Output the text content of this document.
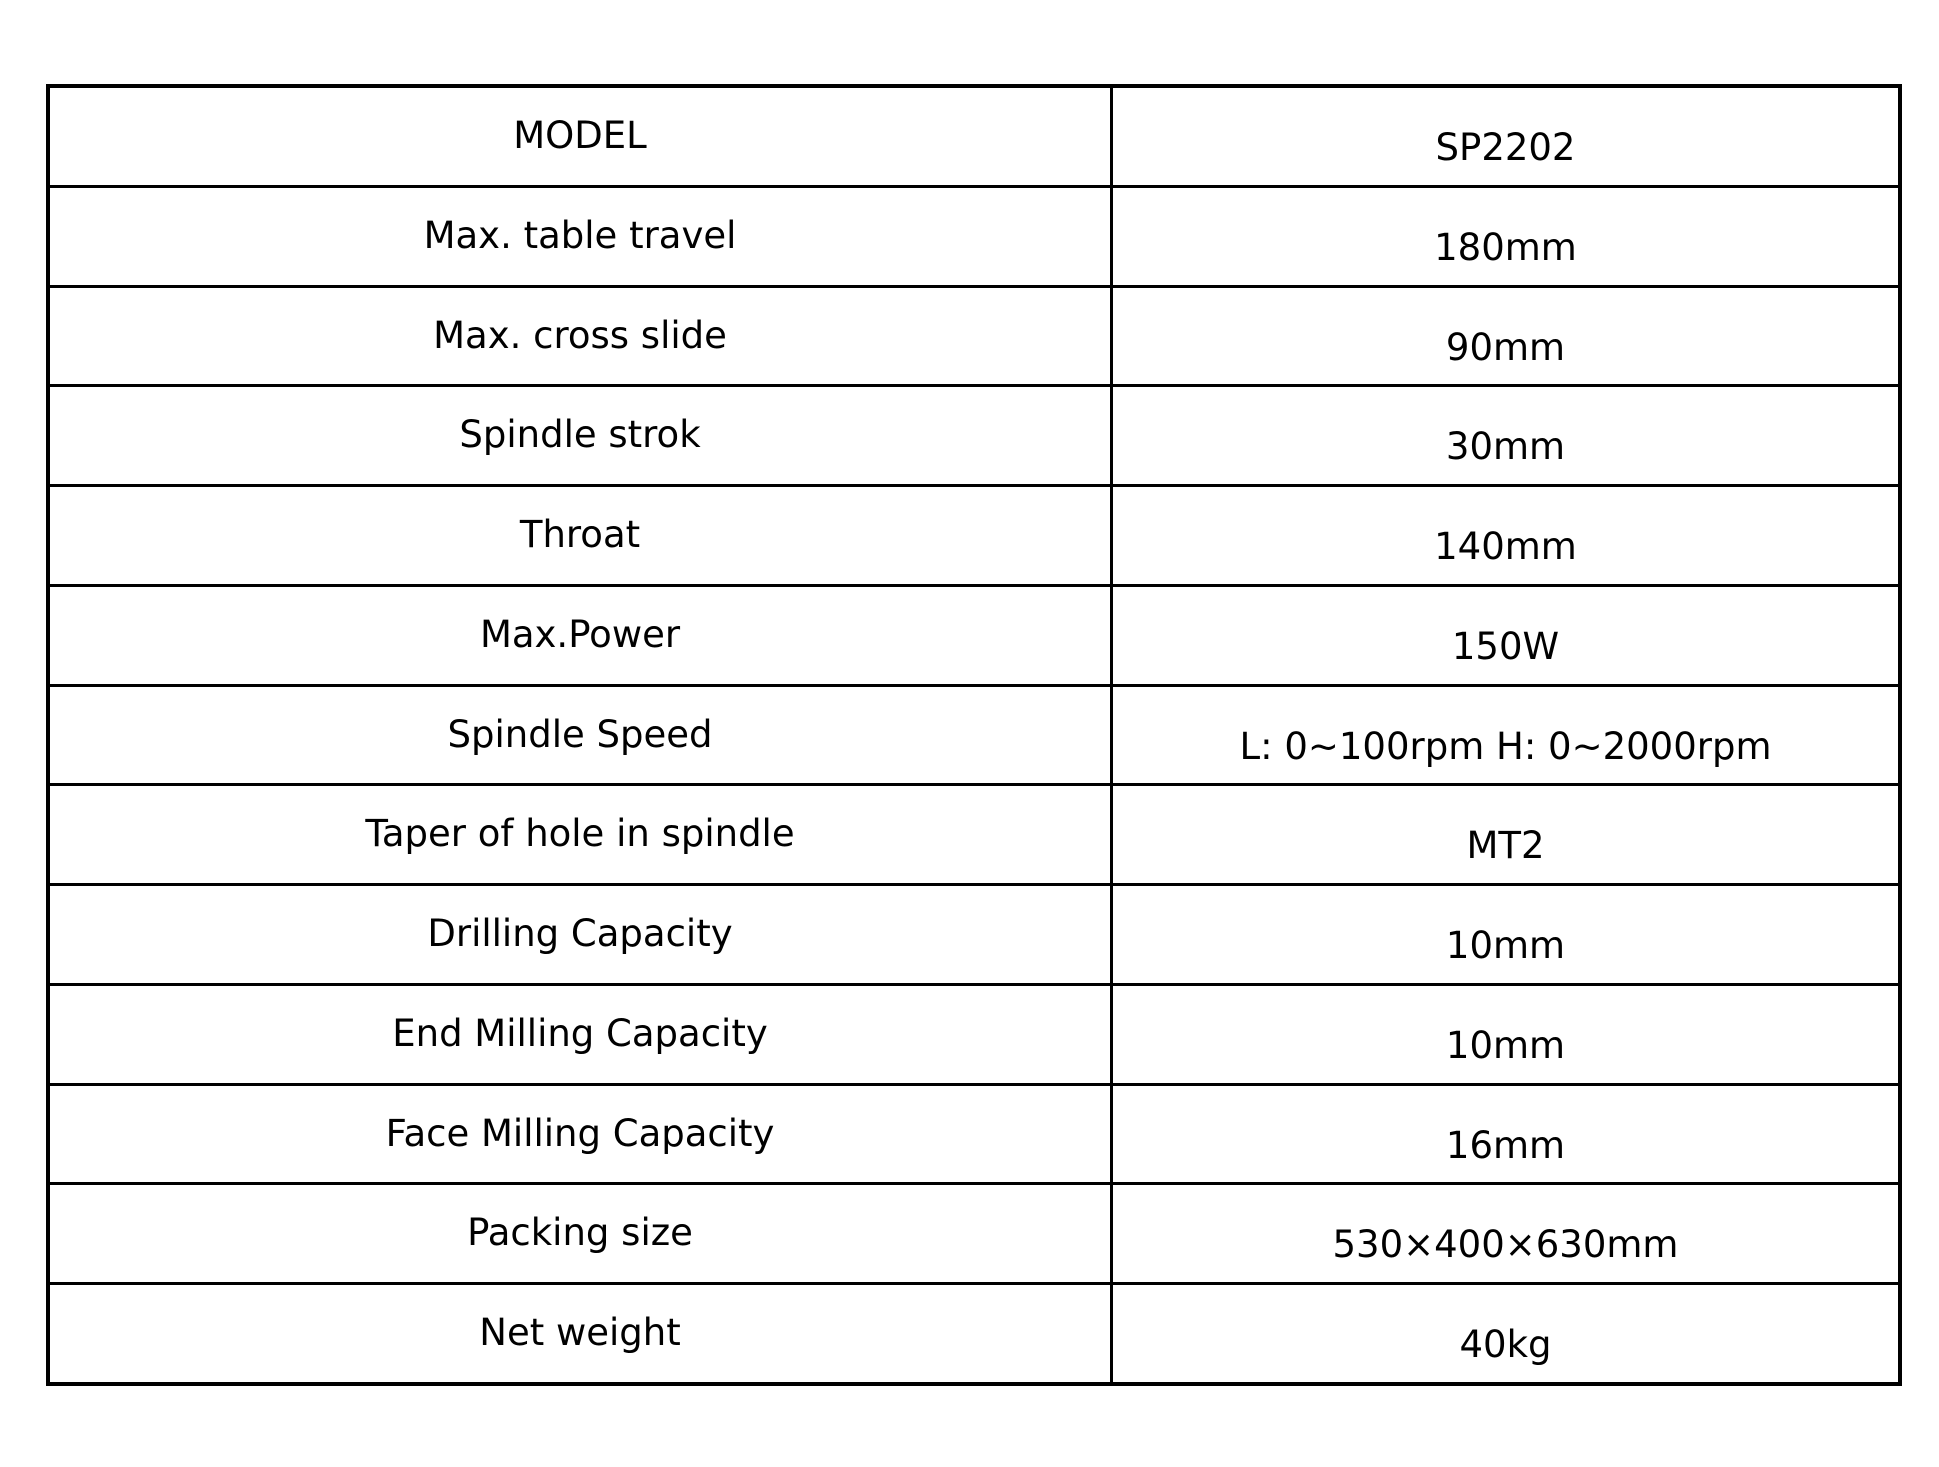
MODEL	SP2202
Max. table travel	180mm
Max. cross slide	90mm
Spindle strok	30mm
Throat	140mm
Max.Power	150W
Spindle Speed	L: 0~100rpm H: 0~2000rpm
Taper of hole in spindle	MT2
Drilling Capacity	10mm
End Milling Capacity	10mm
Face Milling Capacity	16mm
Packing size	530×400×630mm
Net weight	40kg
